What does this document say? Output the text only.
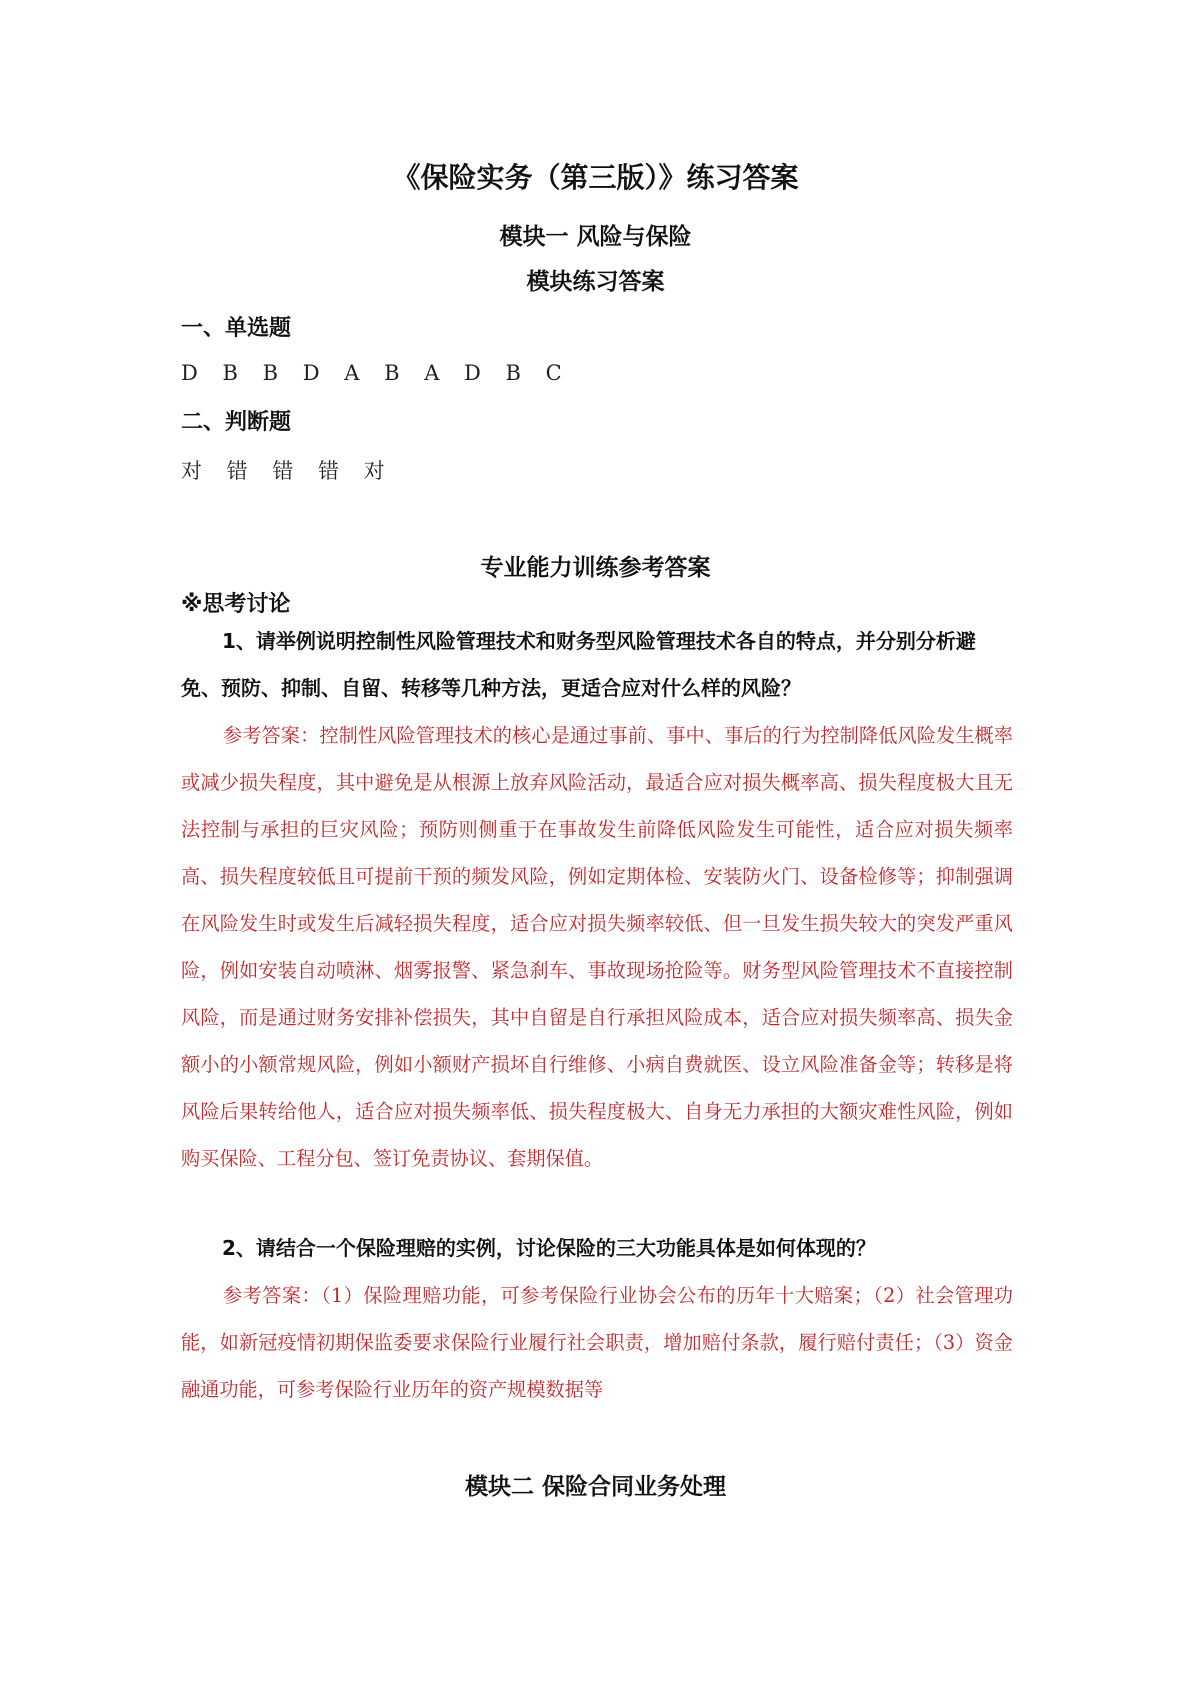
《保险实务（第三版）》练习答案
模块一 风险与保险
模块练习答案
一、单选题
D B B D A B A D B C
二、判断题
对 错 错 错 对
专业能力训练参考答案
※思考讨论
1、请举例说明控制性风险管理技术和财务型风险管理技术各自的特点，并分别分析避免、预防、抑制、自留、转移等几种方法，更适合应对什么样的风险？
参考答案：控制性风险管理技术的核心是通过事前、事中、事后的行为控制降低风险发生概率或减少损失程度，其中避免是从根源上放弃风险活动，最适合应对损失概率高、损失程度极大且无法控制与承担的巨灾风险；预防则侧重于在事故发生前降低风险发生可能性，适合应对损失频率高、损失程度较低且可提前干预的频发风险，例如定期体检、安装防火门、设备检修等；抑制强调在风险发生时或发生后减轻损失程度，适合应对损失频率较低、但一旦发生损失较大的突发严重风险，例如安装自动喷淋、烟雾报警、紧急刹车、事故现场抢险等。财务型风险管理技术不直接控制风险，而是通过财务安排补偿损失，其中自留是自行承担风险成本，适合应对损失频率高、损失金额小的小额常规风险，例如小额财产损坏自行维修、小病自费就医、设立风险准备金等；转移是将风险后果转给他人，适合应对损失频率低、损失程度极大、自身无力承担的大额灾难性风险，例如购买保险、工程分包、签订免责协议、套期保值。
2、请结合一个保险理赔的实例，讨论保险的三大功能具体是如何体现的？
参考答案：（1）保险理赔功能，可参考保险行业协会公布的历年十大赔案；（2）社会管理功能，如新冠疫情初期保监委要求保险行业履行社会职责，增加赔付条款，履行赔付责任；（3）资金融通功能，可参考保险行业历年的资产规模数据等
模块二 保险合同业务处理
